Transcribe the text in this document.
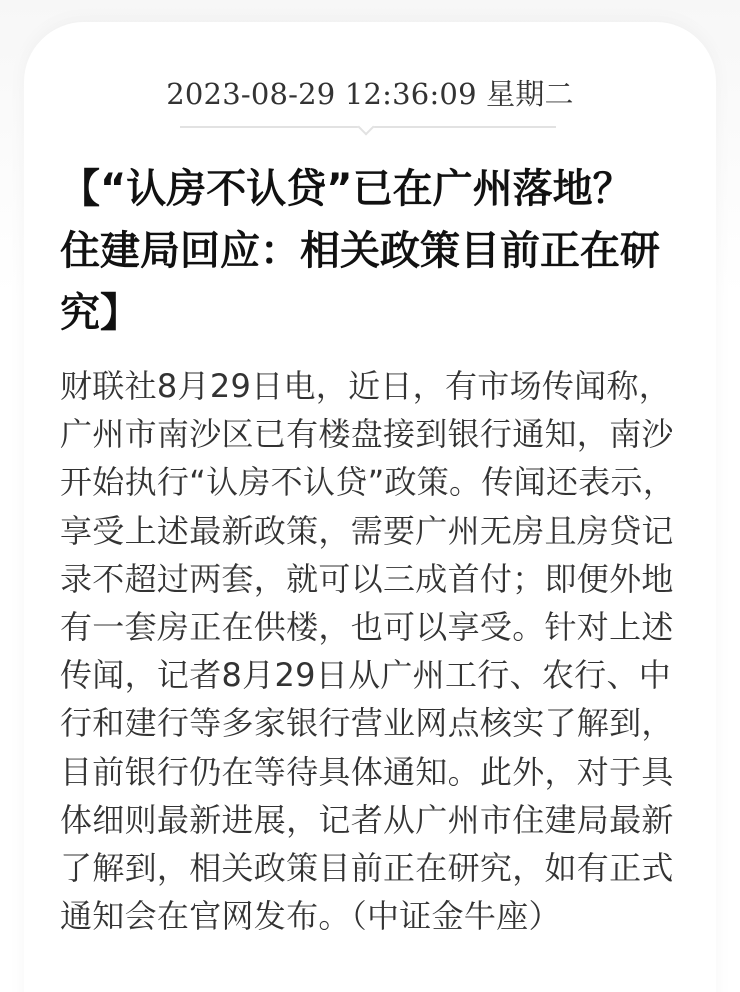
2023-08-29 12:36:09 星期二
【“认房不认贷”已在广州落地？住建局回应：相关政策目前正在研究】

财联社8月29日电，近日，有市场传闻称，广州市南沙区已有楼盘接到银行通知，南沙开始执行“认房不认贷”政策。传闻还表示，享受上述最新政策，需要广州无房且房贷记录不超过两套，就可以三成首付；即便外地有一套房正在供楼，也可以享受。针对上述传闻，记者8月29日从广州工行、农行、中行和建行等多家银行营业网点核实了解到，目前银行仍在等待具体通知。此外，对于具体细则最新进展，记者从广州市住建局最新了解到，相关政策目前正在研究，如有正式通知会在官网发布。（中证金牛座）
